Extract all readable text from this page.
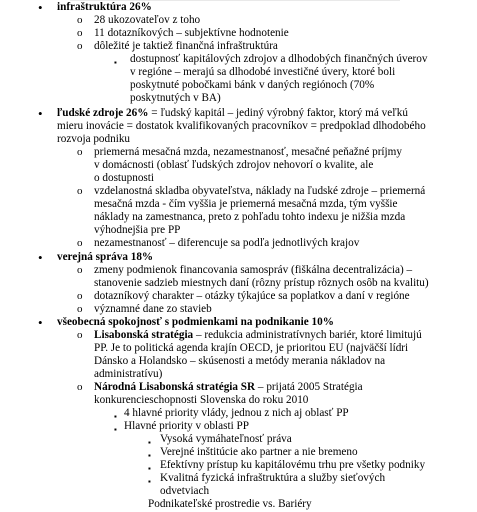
• infraštruktúra 26%
o 28 ukozovateľov z toho
o 11 dotazníkových – subjektívne hodnotenie
o dôležité je taktiež finančná infraštruktúra
▪ dostupnosť kapitálových zdrojov a dlhodobých finančných úverov
v regióne – merajú sa dlhodobé investičné úvery, ktoré boli
poskytnuté pobočkami bánk v daných regiónoch (70%
poskytnutých v BA)
• ľudské zdroje 26% = ľudský kapitál – jediný výrobný faktor, ktorý má veľkú
mieru inovácie = dostatok kvalifikovaných pracovníkov = predpoklad dlhodobého
rozvoja podniku
o priemerná mesačná mzda, nezamestnanosť, mesačné peňažné príjmy
v domácnosti (oblasť ľudských zdrojov nehovorí o kvalite, ale
o dostupnosti
o vzdelanostná skladba obyvateľstva, náklady na ľudské zdroje – priemerná
mesačná mzda - čím vyššia je priemerná mesačná mzda, tým vyššie
náklady na zamestnanca, preto z pohľadu tohto indexu je nižšia mzda
výhodnejšia pre PP
o nezamestnanosť – diferencuje sa podľa jednotlivých krajov
• verejná správa 18%
o zmeny podmienok financovania samospráv (fiškálna decentralizácia) –
stanovenie sadzieb miestnych daní (rôzny prístup rôznych osôb na kvalitu)
o dotazníkový charakter – otázky týkajúce sa poplatkov a daní v regióne
o významné dane zo stavieb
• všeobecná spokojnosť s podmienkami na podnikanie 10%
o Lisabonská stratégia – redukcia administratívnych bariér, ktoré limitujú
PP. Je to politická agenda krajín OECD, je prioritou EU (najväčší lídri
Dánsko a Holandsko – skúsenosti a metódy merania nákladov na
administratívu)
o Národná Lisabonská stratégia SR – prijatá 2005 Stratégia
konkurencieschopnosti Slovenska do roku 2010
▪ 4 hlavné priority vlády, jednou z nich aj oblasť PP
▪ Hlavné priority v oblasti PP
▪ Vysoká vymáhateľnosť práva
▪ Verejné inštitúcie ako partner a nie bremeno
▪ Efektívny prístup ku kapitálovému trhu pre všetky podniky
▪ Kvalitná fyzická infraštruktúra a služby sieťových
odvetviach
Podnikateľské prostredie vs. Bariéry
